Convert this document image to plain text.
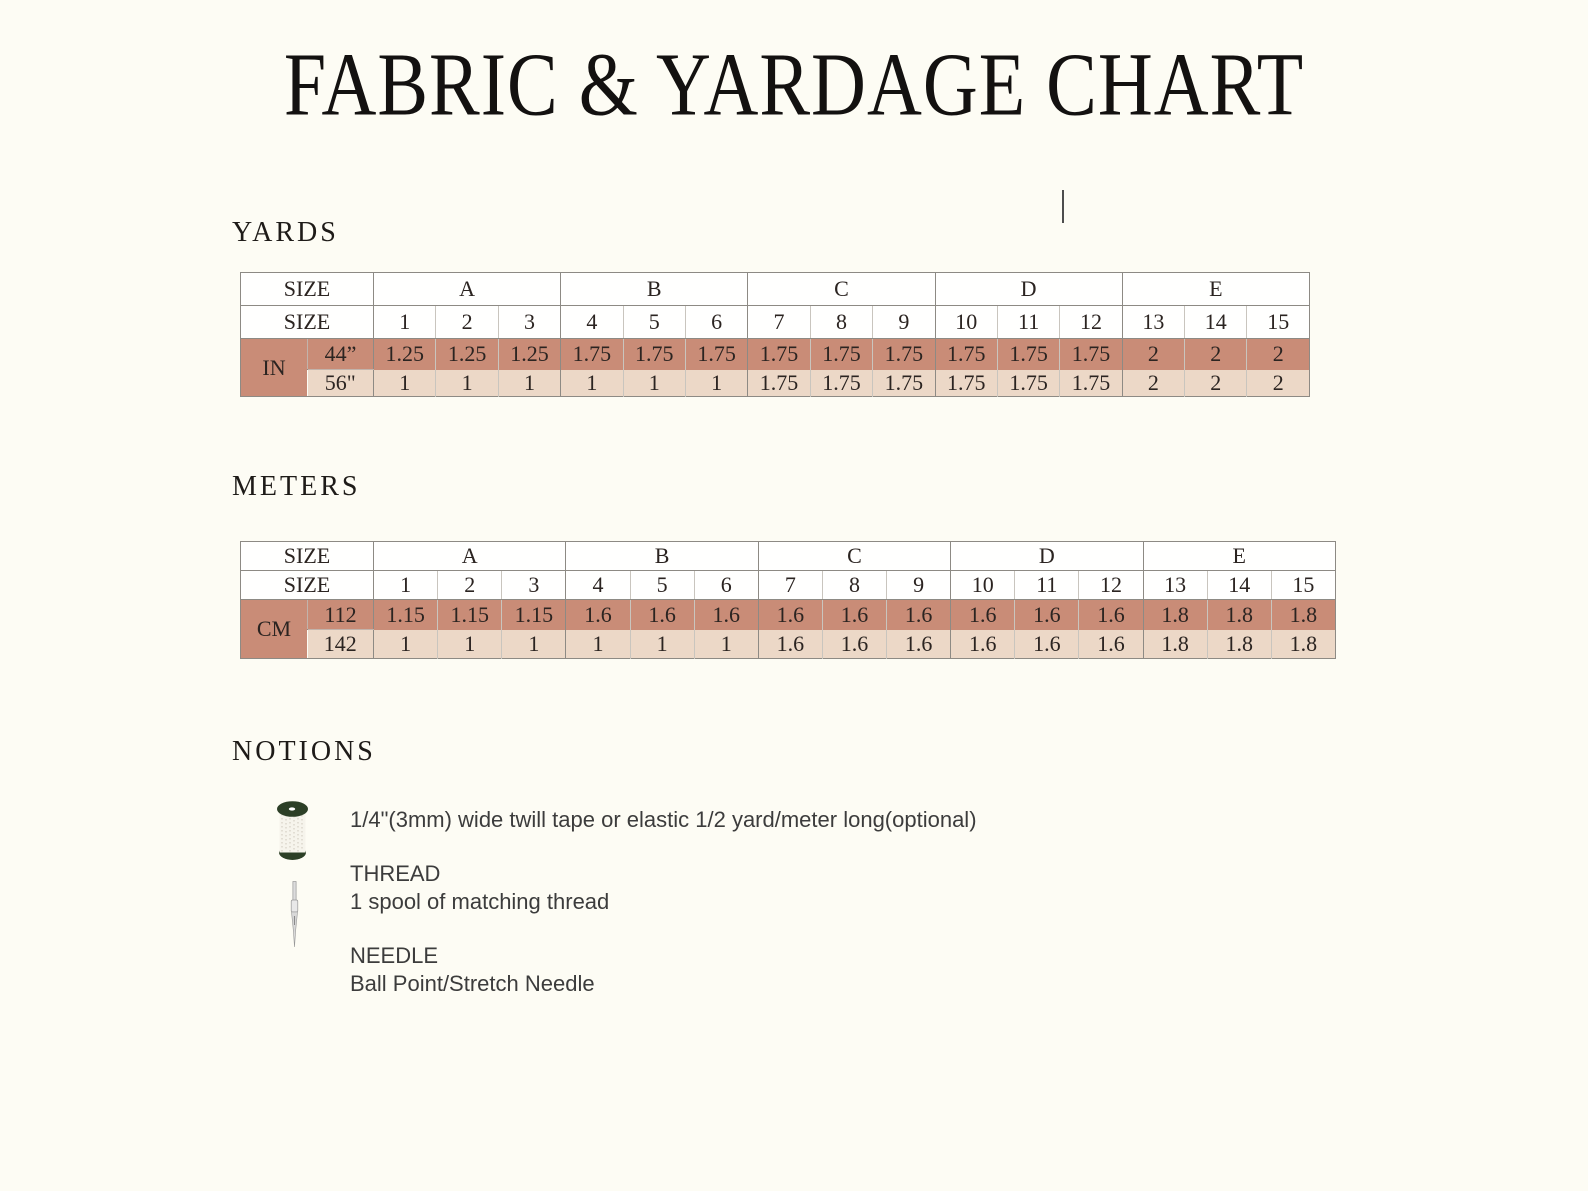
FABRIC & YARDAGE CHART
YARDS
SIZE		A			B			C			D			E		
SIZE		1	2	3	4	5	6	7	8	9	10	11	12	13	14	15
IN	44”	1.25	1.25	1.25	1.75	1.75	1.75	1.75	1.75	1.75	1.75	1.75	1.75	2	2	2
	56"	1	1	1	1	1	1	1.75	1.75	1.75	1.75	1.75	1.75	2	2	2
METERS
SIZE		A			B			C			D			E		
SIZE		1	2	3	4	5	6	7	8	9	10	11	12	13	14	15
CM	112	1.15	1.15	1.15	1.6	1.6	1.6	1.6	1.6	1.6	1.6	1.6	1.6	1.8	1.8	1.8
	142	1	1	1	1	1	1	1.6	1.6	1.6	1.6	1.6	1.6	1.8	1.8	1.8
NOTIONS
1/4"(3mm) wide twill tape or elastic 1/2 yard/meter long(optional)
THREAD
1 spool of matching thread
NEEDLE
Ball Point/Stretch Needle
